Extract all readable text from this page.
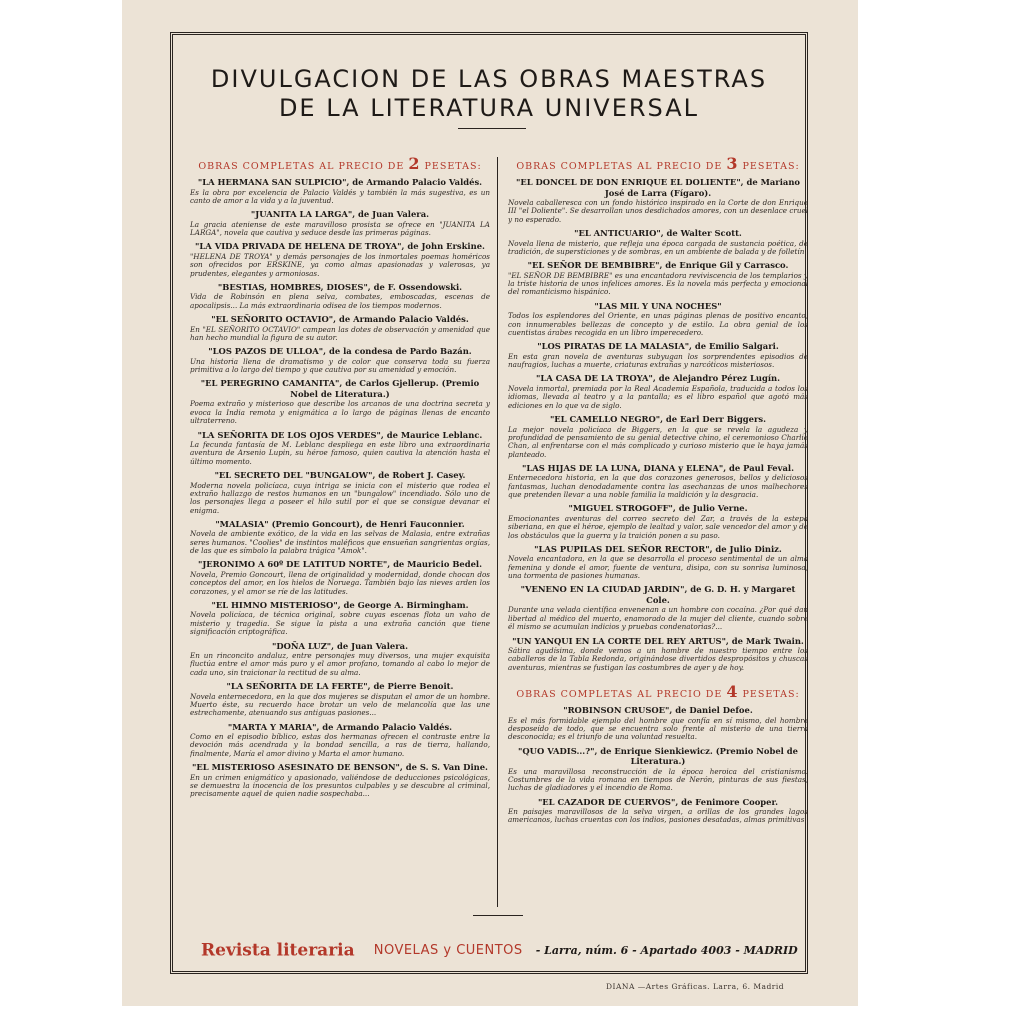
DIVULGACION DE LAS OBRAS MAESTRAS
DE LA LITERATURA UNIVERSAL
OBRAS COMPLETAS AL PRECIO DE 2 PESETAS:
"LA HERMANA SAN SULPICIO", de Armando Palacio Valdés.
Es la obra por excelencia de Palacio Valdés y también la más sugestiva, es un canto de amor a la vida y a la juventud.
"JUANITA LA LARGA", de Juan Valera.
La gracia ateniense de este maravilloso prosista se ofrece en "JUANITA LA LARGA", novela que cautiva y seduce desde las primeras páginas.
"LA VIDA PRIVADA DE HELENA DE TROYA", de John Erskine.
"HELENA DE TROYA" y demás personajes de los inmortales poemas homéricos son ofrecidos por ERSKINE, ya como almas apasionadas y valerosas, ya prudentes, elegantes y armoniosas.
"BESTIAS, HOMBRES, DIOSES", de F. Ossendowski.
Vida de Robinsón en plena selva, combates, emboscadas, escenas de apocalipsis... La más extraordinaria odisea de los tiempos modernos.
"EL SEÑORITO OCTAVIO", de Armando Palacio Valdés.
En "EL SEÑORITO OCTAVIO" campean las dotes de observación y amenidad que han hecho mundial la figura de su autor.
"LOS PAZOS DE ULLOA", de la condesa de Pardo Bazán.
Una historia llena de dramatismo y de color que conserva toda su fuerza primitiva a lo largo del tiempo y que cautiva por su amenidad y emoción.
"EL PEREGRINO CAMANITA", de Carlos Gjellerup. (Premio Nobel de Literatura.)
Poema extraño y misterioso que describe los arcanos de una doctrina secreta y evoca la India remota y enigmática a lo largo de páginas llenas de encanto ultraterreno.
"LA SEÑORITA DE LOS OJOS VERDES", de Maurice Leblanc.
La fecunda fantasía de M. Leblanc despliega en este libro una extraordinaria aventura de Arsenio Lupin, su héroe famoso, quien cautiva la atención hasta el último momento.
"EL SECRETO DEL "BUNGALOW", de Robert J. Casey.
Moderna novela policíaca, cuya intriga se inicia con el misterio que rodea el extraño hallazgo de restos humanos en un "bungalow" incendiado. Sólo uno de los personajes llega a poseer el hilo sutil por el que se consigue devanar el enigma.
"MALASIA" (Premio Goncourt), de Henri Fauconnier.
Novela de ambiente exótico, de la vida en las selvas de Malasia, entre extrañas seres humanos. "Coolies" de instintos maléficos que ensueñan sangrientas orgías, de las que es símbolo la palabra trágica "Amok".
"JERONIMO A 60º DE LATITUD NORTE", de Mauricio Bedel.
Novela, Premio Goncourt, llena de originalidad y modernidad, donde chocan dos conceptos del amor, en los hielos de Noruega. También bajo las nieves arden los corazones, y el amor se ríe de las latitudes.
"EL HIMNO MISTERIOSO", de George A. Birmingham.
Novela policíaca, de técnica original, sobre cuyas escenas flota un vaho de misterio y tragedia. Se sigue la pista a una extraña canción que tiene significación criptográfica.
"DOÑA LUZ", de Juan Valera.
En un rinconcito andaluz, entre personajes muy diversos, una mujer exquisita fluctúa entre el amor más puro y el amor profano, tomando al cabo lo mejor de cada uno, sin traicionar la rectitud de su alma.
"LA SEÑORITA DE LA FERTE", de Pierre Benoit.
Novela enternecedora, en la que dos mujeres se disputan el amor de un hombre. Muerto éste, su recuerdo hace brotar un velo de melancolía que las une estrechamente, atenuando sus antiguas pasiones...
"MARTA Y MARIA", de Armando Palacio Valdés.
Como en el episodio bíblico, estas dos hermanas ofrecen el contraste entre la devoción más acendrada y la bondad sencilla, a ras de tierra, hallando, finalmente, María el amor divino y Marta el amor humano.
"EL MISTERIOSO ASESINATO DE BENSON", de S. S. Van Dine.
En un crimen enigmático y apasionado, valiéndose de deducciones psicológicas, se demuestra la inocencia de los presuntos culpables y se descubre al criminal, precisamente aquel de quien nadie sospechaba...
OBRAS COMPLETAS AL PRECIO DE 3 PESETAS:
"EL DONCEL DE DON ENRIQUE EL DOLIENTE", de Mariano José de Larra (Fígaro).
Novela caballeresca con un fondo histórico inspirado en la Corte de don Enrique III "el Doliente". Se desarrollan unos desdichados amores, con un desenlace cruel y no esperado.
"EL ANTICUARIO", de Walter Scott.
Novela llena de misterio, que refleja una época cargada de sustancia poética, de tradición, de supersticiones y de sombras, en un ambiente de balada y de folletín.
"EL SEÑOR DE BEMBIBRE", de Enrique Gil y Carrasco.
"EL SEÑOR DE BEMBIBRE" es una encantadora reviviscencia de los templarios y la triste historia de unos infelices amores. Es la novela más perfecta y emocional del romanticismo hispánico.
"LAS MIL Y UNA NOCHES"
Todos los esplendores del Oriente, en unas páginas plenas de positivo encanto, con innumerables bellezas de concepto y de estilo. La obra genial de los cuentistas árabes recogida en un libro imperecedero.
"LOS PIRATAS DE LA MALASIA", de Emilio Salgari.
En esta gran novela de aventuras subyugan los sorprendentes episodios de naufragios, luchas a muerte, criaturas extrañas y narcóticos misteriosos.
"LA CASA DE LA TROYA", de Alejandro Pérez Lugín.
Novela inmortal, premiada por la Real Academia Española, traducida a todos los idiomas, llevada al teatro y a la pantalla; es el libro español que agotó más ediciones en lo que va de siglo.
"EL CAMELLO NEGRO", de Earl Derr Biggers.
La mejor novela policíaca de Biggers, en la que se revela la agudeza y profundidad de pensamiento de su genial detective chino, el ceremonioso Charlie Chan, al enfrentarse con el más complicado y curioso misterio que le haya jamás planteado.
"LAS HIJAS DE LA LUNA, DIANA y ELENA", de Paul Feval.
Enternecedora historia, en la que dos corazones generosos, bellos y deliciosos fantasmas, luchan denodadamente contra las asechanzas de unos malhechores que pretenden llevar a una noble familia la maldición y la desgracia.
"MIGUEL STROGOFF", de Julio Verne.
Emocionantes aventuras del correo secreto del Zar, a través de la estepa siberiana, en que el héroe, ejemplo de lealtad y valor, sale vencedor del amor y de los obstáculos que la guerra y la traición ponen a su paso.
"LAS PUPILAS DEL SEÑOR RECTOR", de Julio Diniz.
Novela encantadora, en la que se desarrolla el proceso sentimental de un alma femenina y donde el amor, fuente de ventura, disipa, con su sonrisa luminosa, una tormenta de pasiones humanas.
"VENENO EN LA CIUDAD JARDIN", de G. D. H. y Margaret Cole.
Durante una velada científica envenenan a un hombre con cocaína. ¿Por qué dan libertad al médico del muerto, enamorado de la mujer del cliente, cuando sobre él mismo se acumulan indicios y pruebas condenatorias?...
"UN YANQUI EN LA CORTE DEL REY ARTUS", de Mark Twain.
Sátira agudísima, donde vemos a un hombre de nuestro tiempo entre los caballeros de la Tabla Redonda, originándose divertidos despropósitos y chuscas aventuras, mientras se fustigan las costumbres de ayer y de hoy.
OBRAS COMPLETAS AL PRECIO DE 4 PESETAS:
"ROBINSON CRUSOE", de Daniel Defoe.
Es el más formidable ejemplo del hombre que confía en sí mismo, del hombre desposeído de todo, que se encuentra solo frente al misterio de una tierra desconocida; es el triunfo de una voluntad resuelta.
"QUO VADIS...?", de Enrique Sienkiewicz. (Premio Nobel de Literatura.)
Es una maravillosa reconstrucción de la época heroica del cristianismo. Costumbres de la vida romana en tiempos de Nerón, pinturas de sus fiestas, luchas de gladiadores y el incendio de Roma.
"EL CAZADOR DE CUERVOS", de Fenimore Cooper.
En paisajes maravillosos de la selva virgen, a orillas de los grandes lagos americanos, luchas cruentas con los indios, pasiones desatadas, almas primitivas.
Revista literaria NOVELAS y CUENTOS - Larra, núm. 6 - Apartado 4003 - MADRID
DIANA —Artes Gráficas. Larra, 6. Madrid
